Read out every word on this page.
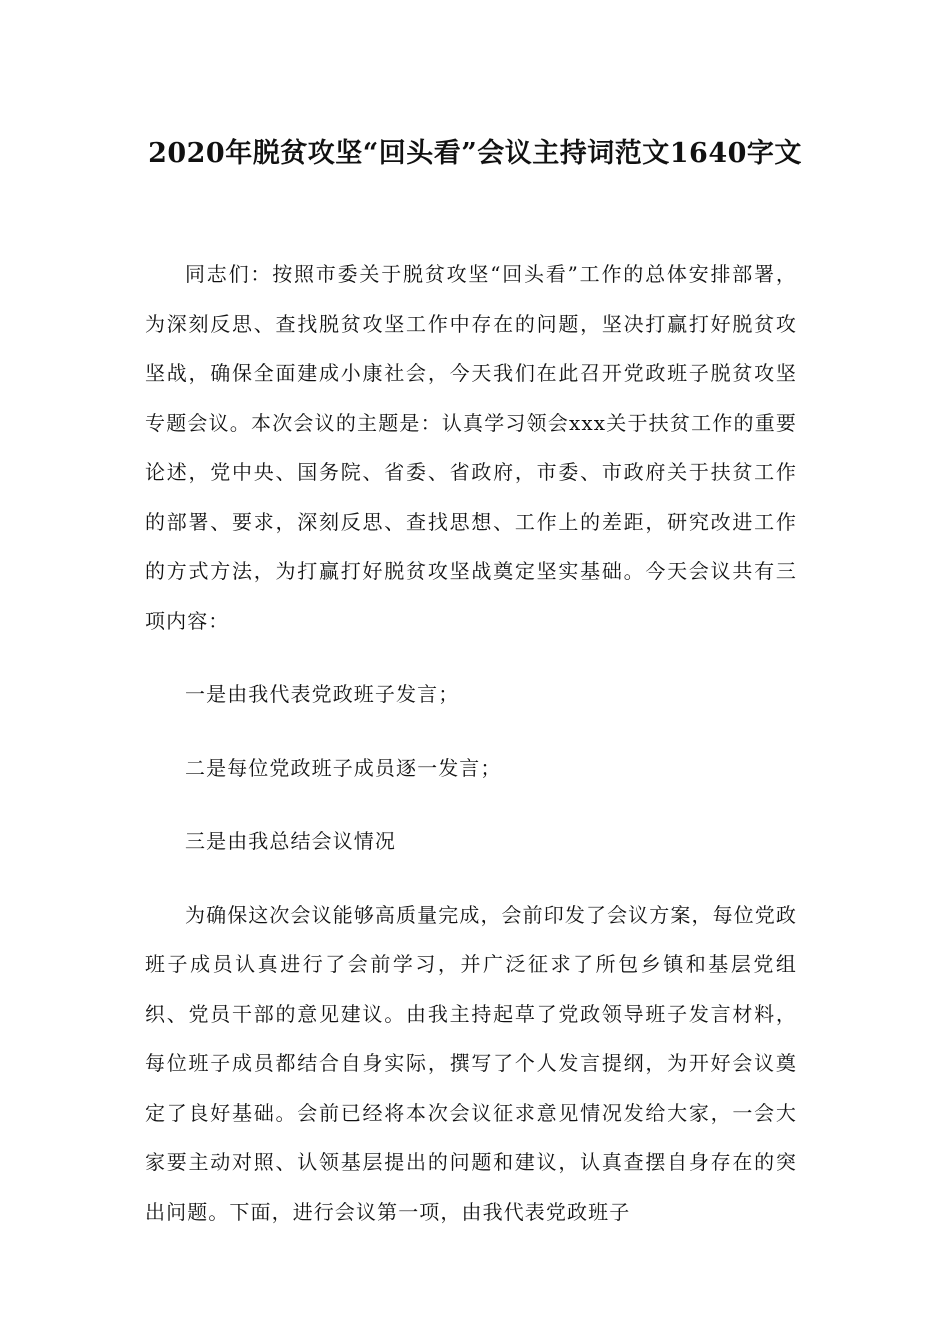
2020年脱贫攻坚“回头看”会议主持词范文1640字文

同志们：按照市委关于脱贫攻坚“回头看”工作的总体安排部署，为深刻反思、查找脱贫攻坚工作中存在的问题，坚决打赢打好脱贫攻坚战，确保全面建成小康社会，今天我们在此召开党政班子脱贫攻坚专题会议。本次会议的主题是：认真学习领会xxx关于扶贫工作的重要论述，党中央、国务院、省委、省政府，市委、市政府关于扶贫工作的部署、要求，深刻反思、查找思想、工作上的差距，研究改进工作的方式方法，为打赢打好脱贫攻坚战奠定坚实基础。今天会议共有三项内容：

一是由我代表党政班子发言；

二是每位党政班子成员逐一发言；

三是由我总结会议情况

为确保这次会议能够高质量完成，会前印发了会议方案，每位党政班子成员认真进行了会前学习，并广泛征求了所包乡镇和基层党组织、党员干部的意见建议。由我主持起草了党政领导班子发言材料，每位班子成员都结合自身实际，撰写了个人发言提纲，为开好会议奠定了良好基础。会前已经将本次会议征求意见情况发给大家，一会大家要主动对照、认领基层提出的问题和建议，认真查摆自身存在的突出问题。下面，进行会议第一项，由我代表党政班子
